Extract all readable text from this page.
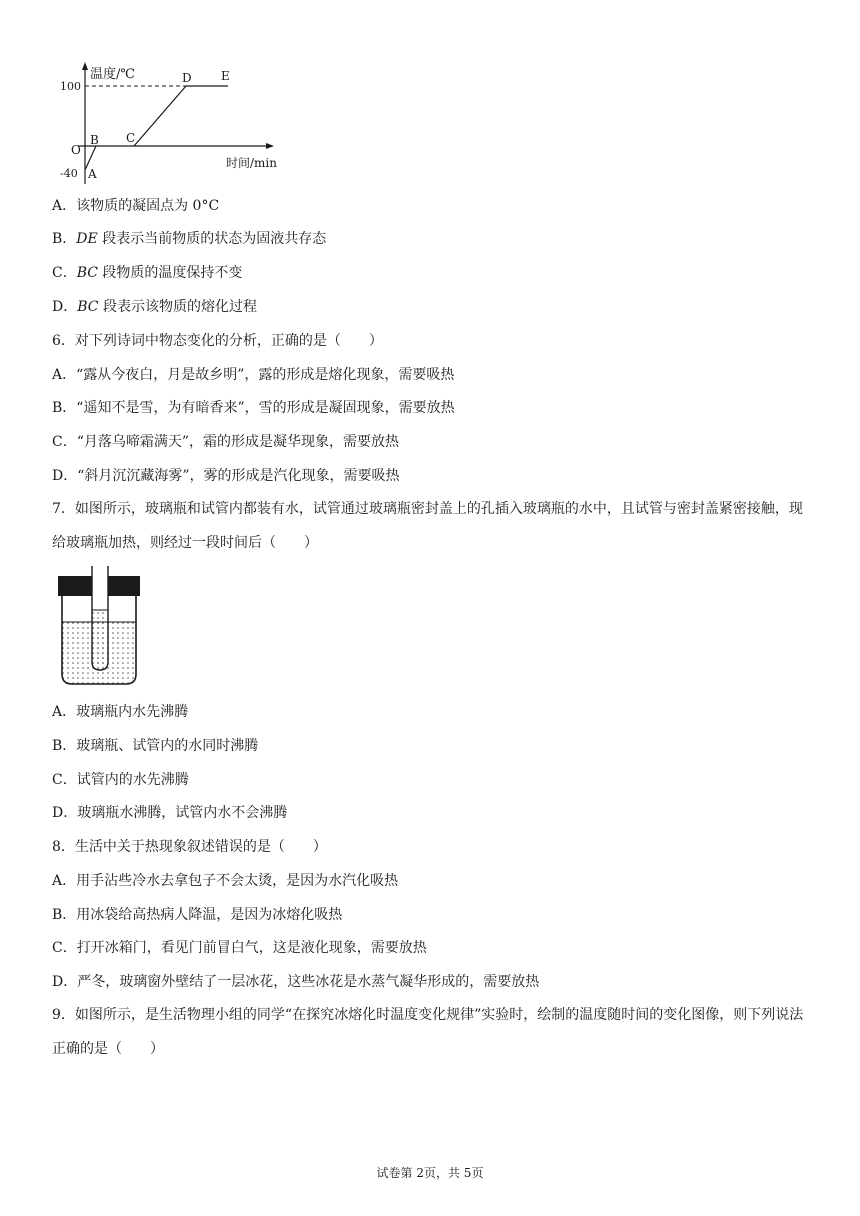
温度/℃
时间/min
100
O
-40 A
B C
D E
A．该物质的凝固点为 0°C
B．DE 段表示当前物质的状态为固液共存态
C．BC 段物质的温度保持不变
D．BC 段表示该物质的熔化过程
6．对下列诗词中物态变化的分析，正确的是（　　）
A．“露从今夜白，月是故乡明”，露的形成是熔化现象，需要吸热
B．“遥知不是雪，为有暗香来”，雪的形成是凝固现象，需要放热
C．“月落乌啼霜满天”，霜的形成是凝华现象，需要放热
D．“斜月沉沉藏海雾”，雾的形成是汽化现象，需要吸热
7．如图所示，玻璃瓶和试管内都装有水，试管通过玻璃瓶密封盖上的孔插入玻璃瓶的水中，且试管与密封盖紧密接触，现给玻璃瓶加热，则经过一段时间后（　　）
A．玻璃瓶内水先沸腾
B．玻璃瓶、试管内的水同时沸腾
C．试管内的水先沸腾
D．玻璃瓶水沸腾，试管内水不会沸腾
8．生活中关于热现象叙述错误的是（　　）
A．用手沾些冷水去拿包子不会太烫，是因为水汽化吸热
B．用冰袋给高热病人降温，是因为冰熔化吸热
C．打开冰箱门，看见门前冒白气，这是液化现象，需要放热
D．严冬，玻璃窗外壁结了一层冰花，这些冰花是水蒸气凝华形成的，需要放热
9．如图所示，是生活物理小组的同学“在探究冰熔化时温度变化规律”实验时，绘制的温度随时间的变化图像，则下列说法正确的是（　　）
试卷第 2页，共 5页
